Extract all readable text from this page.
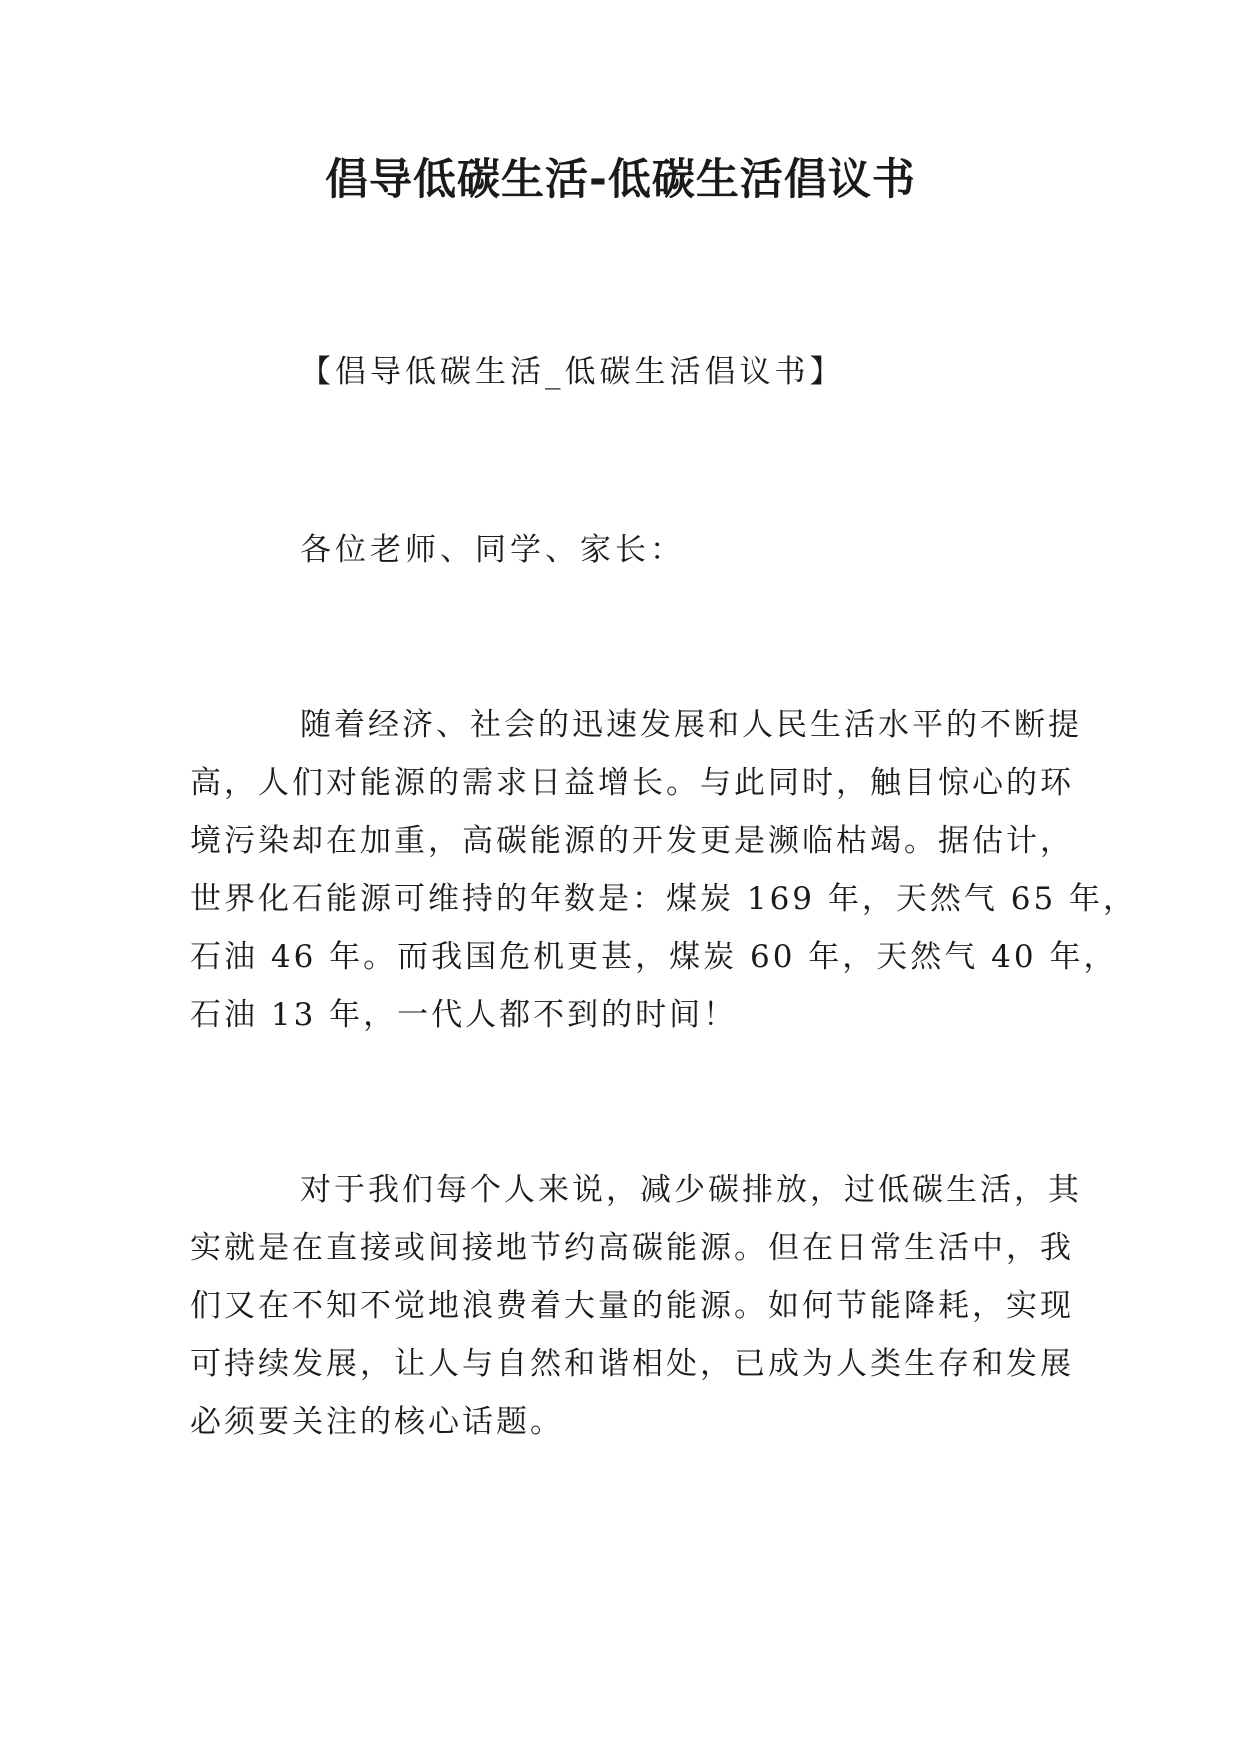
倡导低碳生活-低碳生活倡议书
【倡导低碳生活_低碳生活倡议书】
各位老师、同学、家长：
随着经济、社会的迅速发展和人民生活水平的不断提
高，人们对能源的需求日益增长。与此同时，触目惊心的环
境污染却在加重，高碳能源的开发更是濒临枯竭。据估计，
世界化石能源可维持的年数是：煤炭 169 年，天然气 65 年，
石油 46 年。而我国危机更甚，煤炭 60 年，天然气 40 年，
石油 13 年，一代人都不到的时间！
对于我们每个人来说，减少碳排放，过低碳生活，其
实就是在直接或间接地节约高碳能源。但在日常生活中，我
们又在不知不觉地浪费着大量的能源。如何节能降耗，实现
可持续发展，让人与自然和谐相处，已成为人类生存和发展
必须要关注的核心话题。
